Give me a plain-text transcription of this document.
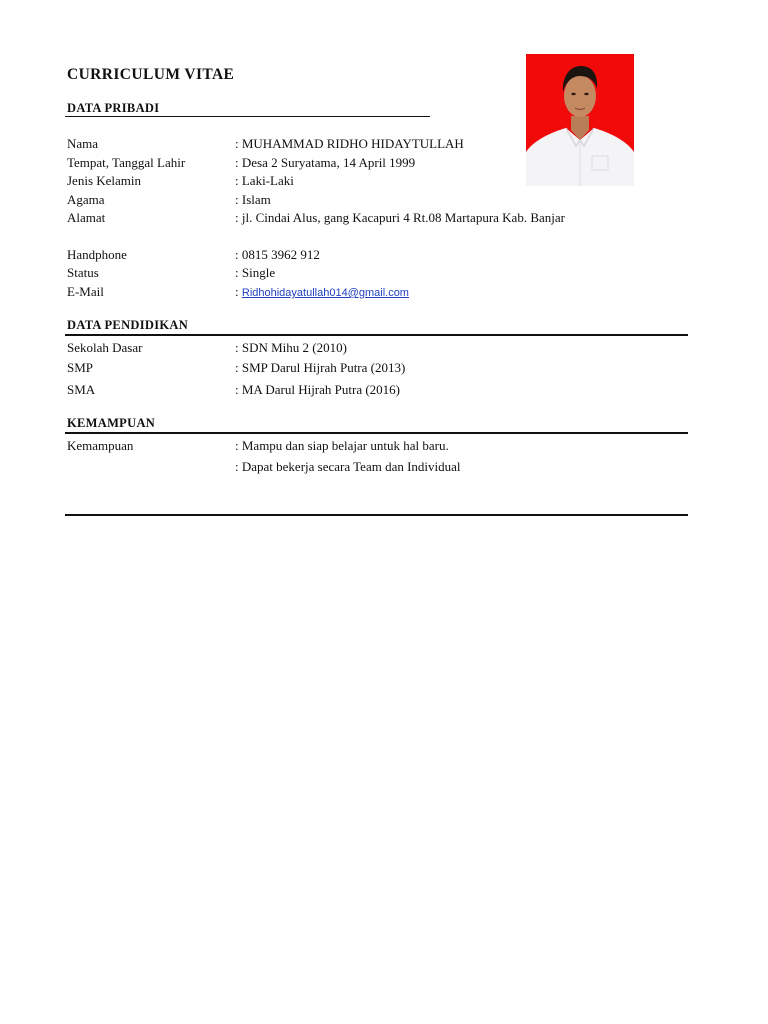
CURRICULUM VITAE
DATA PRIBADI
Nama	: MUHAMMAD RIDHO HIDAYTULLAH
Tempat, Tanggal Lahir	: Desa 2 Suryatama, 14 April 1999
Jenis Kelamin	: Laki-Laki
Agama	: Islam
Alamat	: jl. Cindai Alus, gang Kacapuri 4 Rt.08 Martapura Kab. Banjar
Handphone	: 0815 3962 912
Status	: Single
E-Mail	: Ridhohidayatullah014@gmail.com
DATA PENDIDIKAN
Sekolah Dasar	: SDN Mihu 2 (2010)
SMP	: SMP Darul Hijrah Putra (2013)
SMA	: MA Darul Hijrah Putra (2016)
KEMAMPUAN
Kemampuan	: Mampu dan siap belajar untuk hal baru.
: Dapat bekerja secara Team dan Individual
